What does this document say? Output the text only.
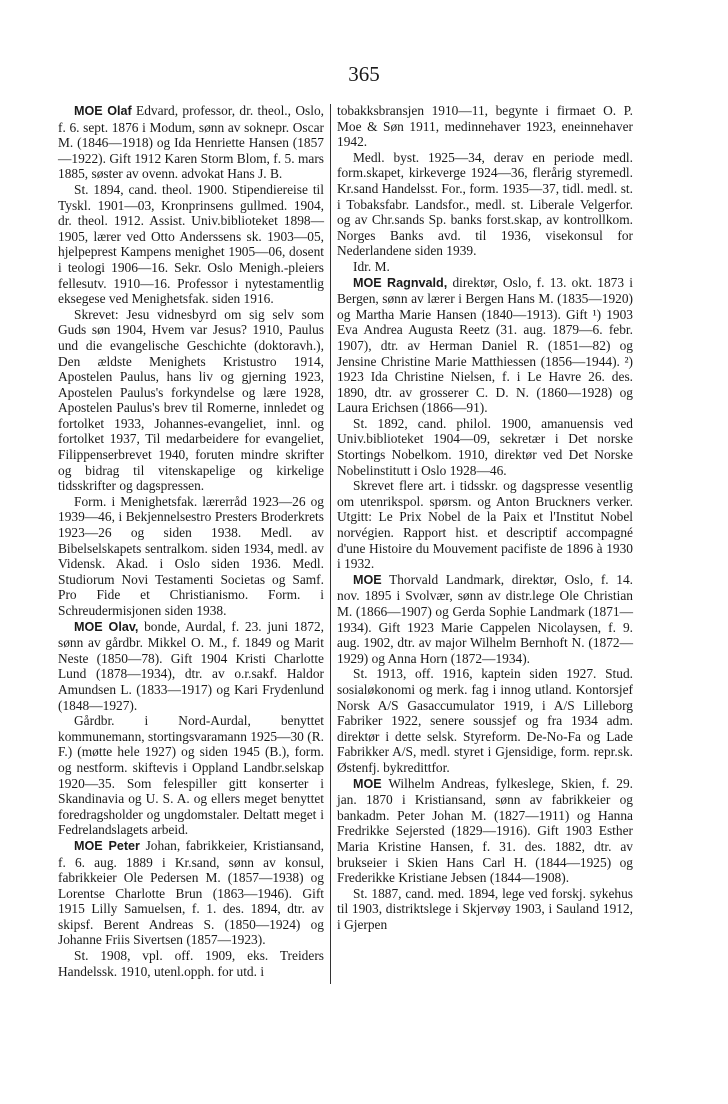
365

MOE Olaf Edvard, professor, dr. theol., Oslo, f. 6. sept. 1876 i Modum, sønn av soknepr. Oscar M. (1846—1918) og Ida Henriette Hansen (1857—1922). Gift 1912 Karen Storm Blom, f. 5. mars 1885, søster av ovenn. advokat Hans J. B.

St. 1894, cand. theol. 1900. Stipendiereise til Tyskl. 1901—03, Kronprinsens gullmed. 1904, dr. theol. 1912. Assist. Univ.biblioteket 1898—1905, lærer ved Otto Anderssens sk. 1903—05, hjelpeprest Kampens menighet 1905—06, dosent i teologi 1906—16. Sekr. Oslo Menigh.-pleiers fellesutv. 1910—16. Professor i nytestamentlig eksegese ved Menighetsfak. siden 1916.

Skrevet: Jesu vidnesbyrd om sig selv som Guds søn 1904, Hvem var Jesus? 1910, Paulus und die evangelische Geschichte (doktoravh.), Den ældste Menighets Kristustro 1914, Apostelen Paulus, hans liv og gjerning 1923, Apostelen Paulus's forkyndelse og lære 1928, Apostelen Paulus's brev til Romerne, innledet og fortolket 1933, Johannes-evangeliet, innl. og fortolket 1937, Til medarbeidere for evangeliet, Filippenserbrevet 1940, foruten mindre skrifter og bidrag til vitenskapelige og kirkelige tidsskrifter og dagspressen.

Form. i Menighetsfak. lærerråd 1923—26 og 1939—46, i Bekjennelsestro Presters Broderkrets 1923—26 og siden 1938. Medl. av Bibelselskapets sentralkom. siden 1934, medl. av Vidensk. Akad. i Oslo siden 1936. Medl. Studiorum Novi Testamenti Societas og Samf. Pro Fide et Christianismo. Form. i Schreudermisjonen siden 1938.

MOE Olav, bonde, Aurdal, f. 23. juni 1872, sønn av gårdbr. Mikkel O. M., f. 1849 og Marit Neste (1850—78). Gift 1904 Kristi Charlotte Lund (1878—1934), dtr. av o.r.sakf. Haldor Amundsen L. (1833—1917) og Kari Frydenlund (1848—1927).

Gårdbr. i Nord-Aurdal, benyttet kommunemann, stortingsvaramann 1925—30 (R. F.) (møtte hele 1927) og siden 1945 (B.), form. og nestform. skiftevis i Oppland Landbr.selskap 1920—35. Som felespiller gitt konserter i Skandinavia og U. S. A. og ellers meget benyttet foredragsholder og ungdomstaler. Deltatt meget i Fedrelandslagets arbeid.

MOE Peter Johan, fabrikkeier, Kristiansand, f. 6. aug. 1889 i Kr.sand, sønn av konsul, fabrikkeier Ole Pedersen M. (1857—1938) og Lorentse Charlotte Brun (1863—1946). Gift 1915 Lilly Samuelsen, f. 1. des. 1894, dtr. av skipsf. Berent Andreas S. (1850—1924) og Johanne Friis Sivertsen (1857—1923).

St. 1908, vpl. off. 1909, eks. Treiders Handelssk. 1910, utenl.opph. for utd. i

tobakksbransjen 1910—11, begynte i firmaet O. P. Moe & Søn 1911, medinnehaver 1923, eneinnehaver 1942.

Medl. byst. 1925—34, derav en periode medl. form.skapet, kirkeverge 1924—36, flerårig styremedl. Kr.sand Handelsst. For., form. 1935—37, tidl. medl. st. i Tobaksfabr. Landsfor., medl. st. Liberale Velgerfor. og av Chr.sands Sp. banks forst.skap, av kontrollkom. Norges Banks avd. til 1936, visekonsul for Nederlandene siden 1939.

Idr. M.

MOE Ragnvald, direktør, Oslo, f. 13. okt. 1873 i Bergen, sønn av lærer i Bergen Hans M. (1835—1920) og Martha Marie Hansen (1840—1913). Gift ¹) 1903 Eva Andrea Augusta Reetz (31. aug. 1879—6. febr. 1907), dtr. av Herman Daniel R. (1851—82) og Jensine Christine Marie Matthiessen (1856—1944). ²) 1923 Ida Christine Nielsen, f. i Le Havre 26. des. 1890, dtr. av grosserer C. D. N. (1860—1928) og Laura Erichsen (1866—91).

St. 1892, cand. philol. 1900, amanuensis ved Univ.biblioteket 1904—09, sekretær i Det norske Stortings Nobelkom. 1910, direktør ved Det Norske Nobelinstitutt i Oslo 1928—46.

Skrevet flere art. i tidsskr. og dagspresse vesentlig om utenrikspol. spørsm. og Anton Bruckners verker. Utgitt: Le Prix Nobel de la Paix et l'Institut Nobel norvégien. Rapport hist. et descriptif accompagné d'une Histoire du Mouvement pacifiste de 1896 à 1930 i 1932.

MOE Thorvald Landmark, direktør, Oslo, f. 14. nov. 1895 i Svolvær, sønn av distr.lege Ole Christian M. (1866—1907) og Gerda Sophie Landmark (1871—1934). Gift 1923 Marie Cappelen Nicolaysen, f. 9. aug. 1902, dtr. av major Wilhelm Bernhoft N. (1872—1929) og Anna Horn (1872—1934).

St. 1913, off. 1916, kaptein siden 1927. Stud. sosialøkonomi og merk. fag i innog utland. Kontorsjef Norsk A/S Gasaccumulator 1919, i A/S Lilleborg Fabriker 1922, senere soussjef og fra 1934 adm. direktør i dette selsk. Styreform. De-No-Fa og Lade Fabrikker A/S, medl. styret i Gjensidige, form. repr.sk. Østenfj. bykredittfor.

MOE Wilhelm Andreas, fylkeslege, Skien, f. 29. jan. 1870 i Kristiansand, sønn av fabrikkeier og bankadm. Peter Johan M. (1827—1911) og Hanna Fredrikke Sejersted (1829—1916). Gift 1903 Esther Maria Kristine Hansen, f. 31. des. 1882, dtr. av brukseier i Skien Hans Carl H. (1844—1925) og Frederikke Kristiane Jebsen (1844—1908).

St. 1887, cand. med. 1894, lege ved forskj. sykehus til 1903, distriktslege i Skjervøy 1903, i Sauland 1912, i Gjerpen
